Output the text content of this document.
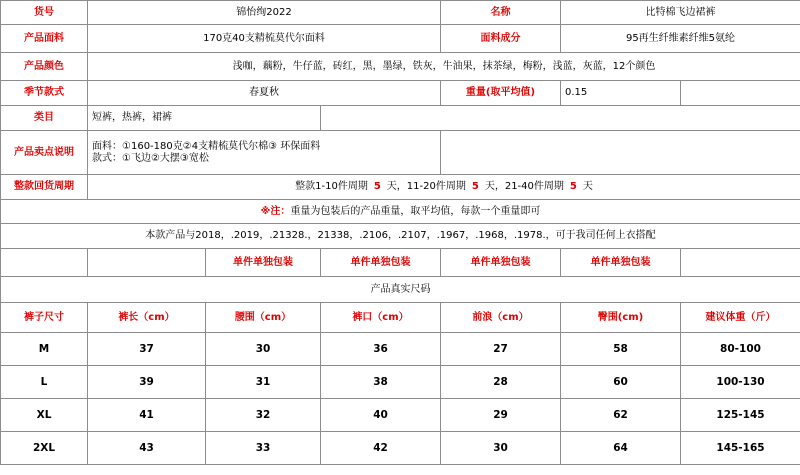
货号	锦怡绚2022			名称	比特棉飞边裙裤	
产品面料	170克40支精梳莫代尔面料			面料成分	95再生纤维素纤维5氨纶	
产品颜色	浅咖，藕粉，牛仔蓝，砖红，黑，墨绿，铁灰，牛油果，抹茶绿，梅粉，浅蓝，灰蓝，12个颜色					
季节款式	春夏秋			重量(取平均值)	0.15	
类目	短裤，热裤，裙裤					
产品卖点说明	面料：①160-180克②4支精梳莫代尔棉③ 环保面料
款式：①飞边②大摆③宽松					

整款回货周期	整款1-10件周期 5 天，11-20件周期 5 天，21-40件周期 5 天					
※注：重量为包装后的产品重量，取平均值，每款一个重量即可						
本款产品与2018，.2019，.21328.，21338，.2106，.2107，.1967，.1968，.1978.，可于我司任何上衣搭配						
		单件单独包装	单件单独包装	单件单独包装	单件单独包装	
产品真实尺码						
裤子尺寸	裤长（cm）	腰围（cm）	裤口（cm）	前浪（cm）	臀围(cm)	建议体重（斤）
M	37	30	36	27	58	80-100
L	39	31	38	28	60	100-130
XL	41	32	40	29	62	125-145
2XL	43	33	42	30	64	145-165
